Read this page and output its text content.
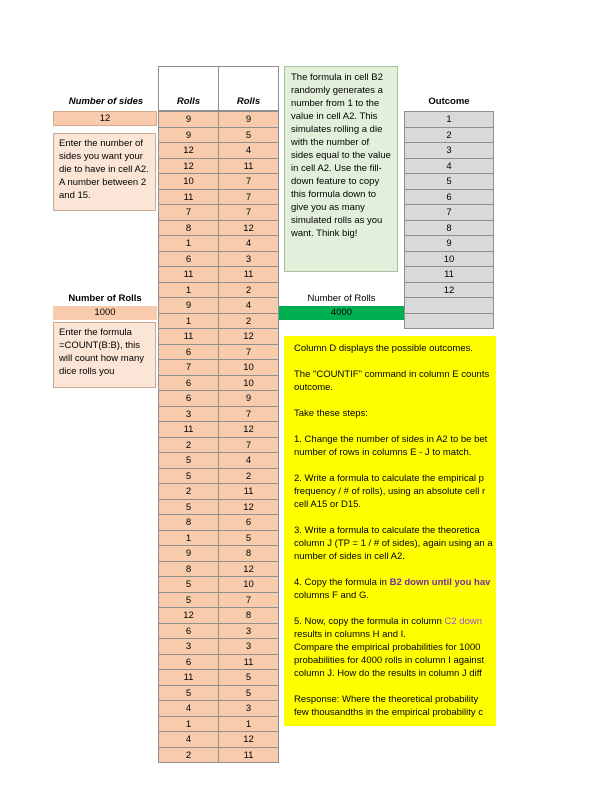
Number of sides
12
Enter the number of sides you want your die to have in cell A2. A number between 2 and 15.
Number of Rolls
1000
Enter the formula =COUNT(B:B), this will count how many dice rolls you
Rolls	Rolls
9
9
12
12
10
11
7
8
1
6
11
1
9
1
11
6
7
6
6
3
11
2
5
5
2
5
8
1
9
8
5
5
12
6
3
6
11
5
4
1
4
2
9
5
4
11
7
7
7
12
4
3
11
2
4
2
12
7
10
10
9
7
12
7
4
2
11
12
6
5
8
12
10
7
8
3
3
11
5
5
3
1
12
11
The formula in cell B2 randomly generates a number from 1 to the value in cell A2. This simulates rolling a die with the number of sides equal to the value in cell A2. Use the fill-down feature to copy this formula down to give you as many simulated rolls as you want. Think big!
Number of Rolls
4000
Outcome
1
2
3
4
5
6
7
8
9
10
11
12

Column D displays the possible outcomes.

The "COUNTIF" command in column E counts

outcome.

Take these steps:

1. Change the number of sides in A2 to be bet

number of rows in columns E - J to match.

2. Write a formula to calculate the empirical p

frequency / # of rolls), using an absolute cell r

cell A15 or D15.

3. Write a formula to calculate the theoretica

column J (TP = 1 / # of sides), again using an a

number of sides in cell A2.

4. Copy the formula in B2 down until you hav

columns F and G.

5. Now, copy the formula in column C2 down

results in columns H and I.

Compare the empirical probabilities for 1000

probabilities for 4000 rolls in column I against

column J. How do the results in column J diff

Response: Where the theoretical probability

few thousandths in the empirical probability c
